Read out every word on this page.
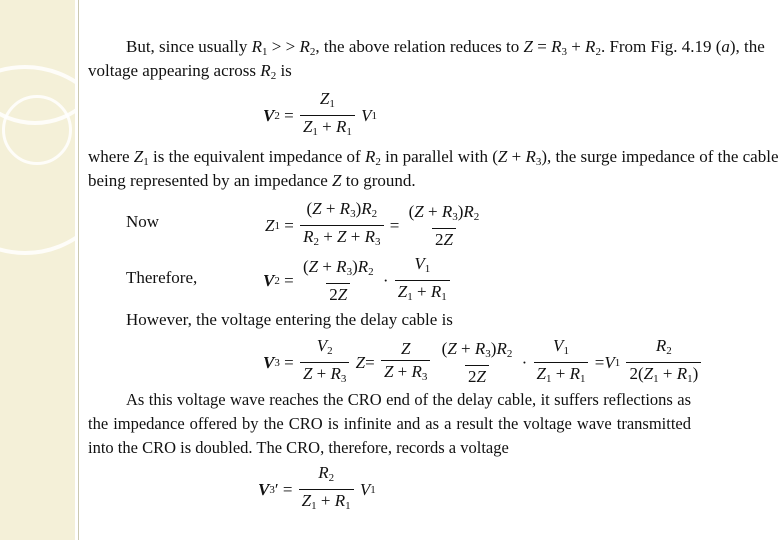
But, since usually $R_1$ > > $R_2$, the above relation reduces to $Z = R_3 + R_2$. From Fig. 4.19 (a), the
voltage appearing across $R_2$ is
V $2 = \frac{Z_1}{Z_1 + R_1}$
V 1
where $Z_1$ is the equivalent impedance of $R_2$ in parallel with $(Z + R_3)$, the surge impedance of the cable
being represented by an impedance Z to ground.
Now	Z $1 = \frac{(Z + R_3)R_2}{R_2 + Z + R_3} = \frac{(Z + R_3)R_2}{2Z}$
Therefore,	V $2 = \frac{(Z + R_3)R_2}{2Z} \cdot \frac{V_1}{Z_1 + R_1}$
However, the voltage entering the delay cable is
V $3 = \frac{V_2}{Z + R_3}$
$Z = \frac{Z}{Z + R_3}$
$\frac{(Z + R_3)R_2}{2Z} \cdot \frac{V_1}{Z_1 + R_1} = V$ 1
$\frac{R_2}{2(Z_1 + R_1)}$
As this voltage wave reaches the CRO end of the delay cable, it suffers reflections as the impedance offered by the CRO is infinite and as a result the voltage wave transmitted into the CRO is doubled. The CRO, therefore, records a voltage
V 3 ′ = $\frac{R_2}{Z_1 + R_1}$
V 1
